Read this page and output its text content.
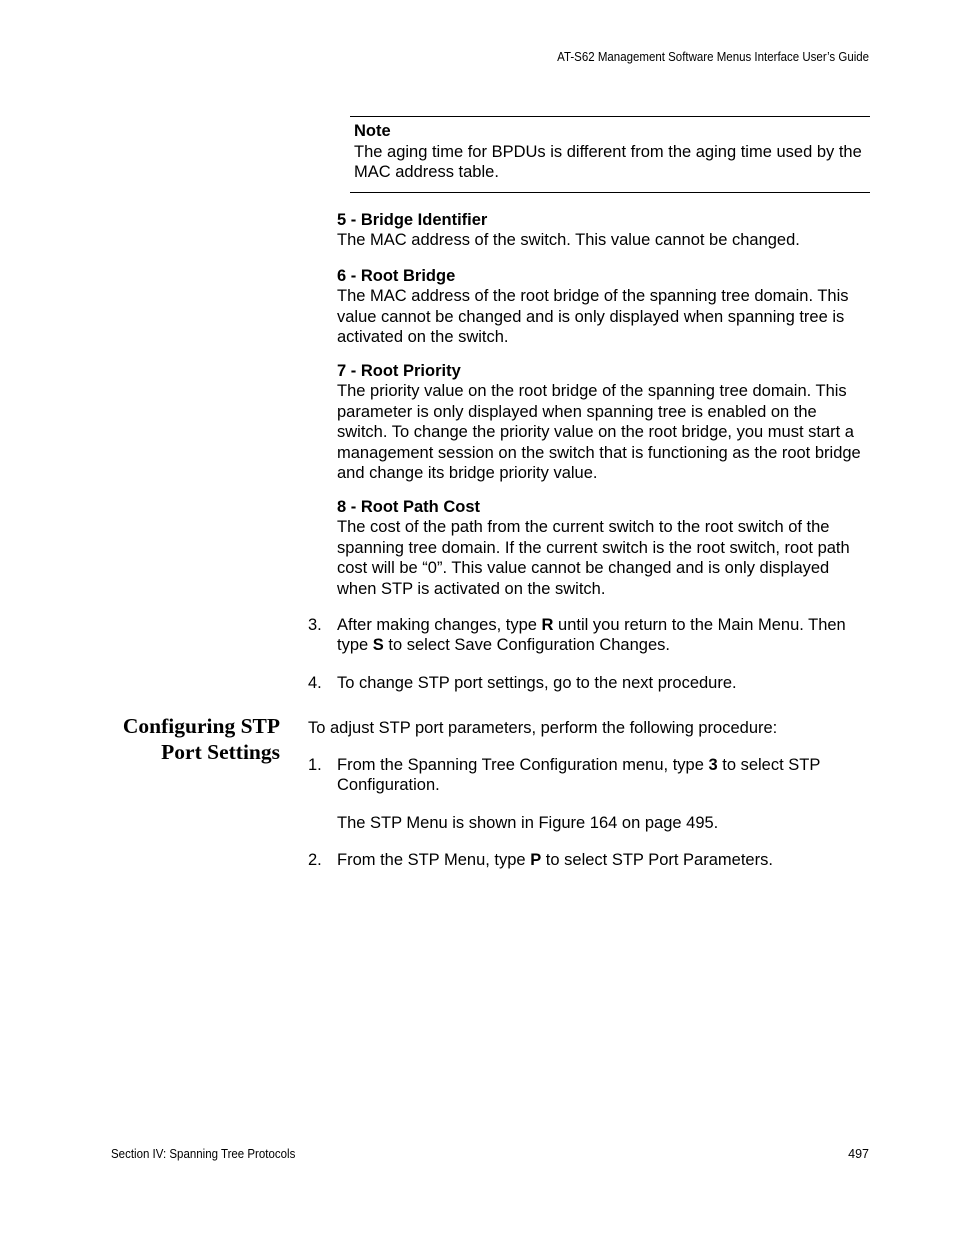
AT-S62 Management Software Menus Interface User’s Guide
Note
The aging time for BPDUs is different from the aging time used by the MAC address table.
5 - Bridge Identifier
The MAC address of the switch. This value cannot be changed.
6 - Root Bridge
The MAC address of the root bridge of the spanning tree domain. This value cannot be changed and is only displayed when spanning tree is activated on the switch.
7 - Root Priority
The priority value on the root bridge of the spanning tree domain. This parameter is only displayed when spanning tree is enabled on the switch. To change the priority value on the root bridge, you must start a management session on the switch that is functioning as the root bridge and change its bridge priority value.
8 - Root Path Cost
The cost of the path from the current switch to the root switch of the spanning tree domain. If the current switch is the root switch, root path cost will be “0”. This value cannot be changed and is only displayed when STP is activated on the switch.
3. After making changes, type R until you return to the Main Menu. Then type S to select Save Configuration Changes.
4. To change STP port settings, go to the next procedure.
Configuring STP
Port Settings
To adjust STP port parameters, perform the following procedure:
1. From the Spanning Tree Configuration menu, type 3 to select STP Configuration.
The STP Menu is shown in Figure 164 on page 495.
2. From the STP Menu, type P to select STP Port Parameters.
Section IV: Spanning Tree Protocols	497
